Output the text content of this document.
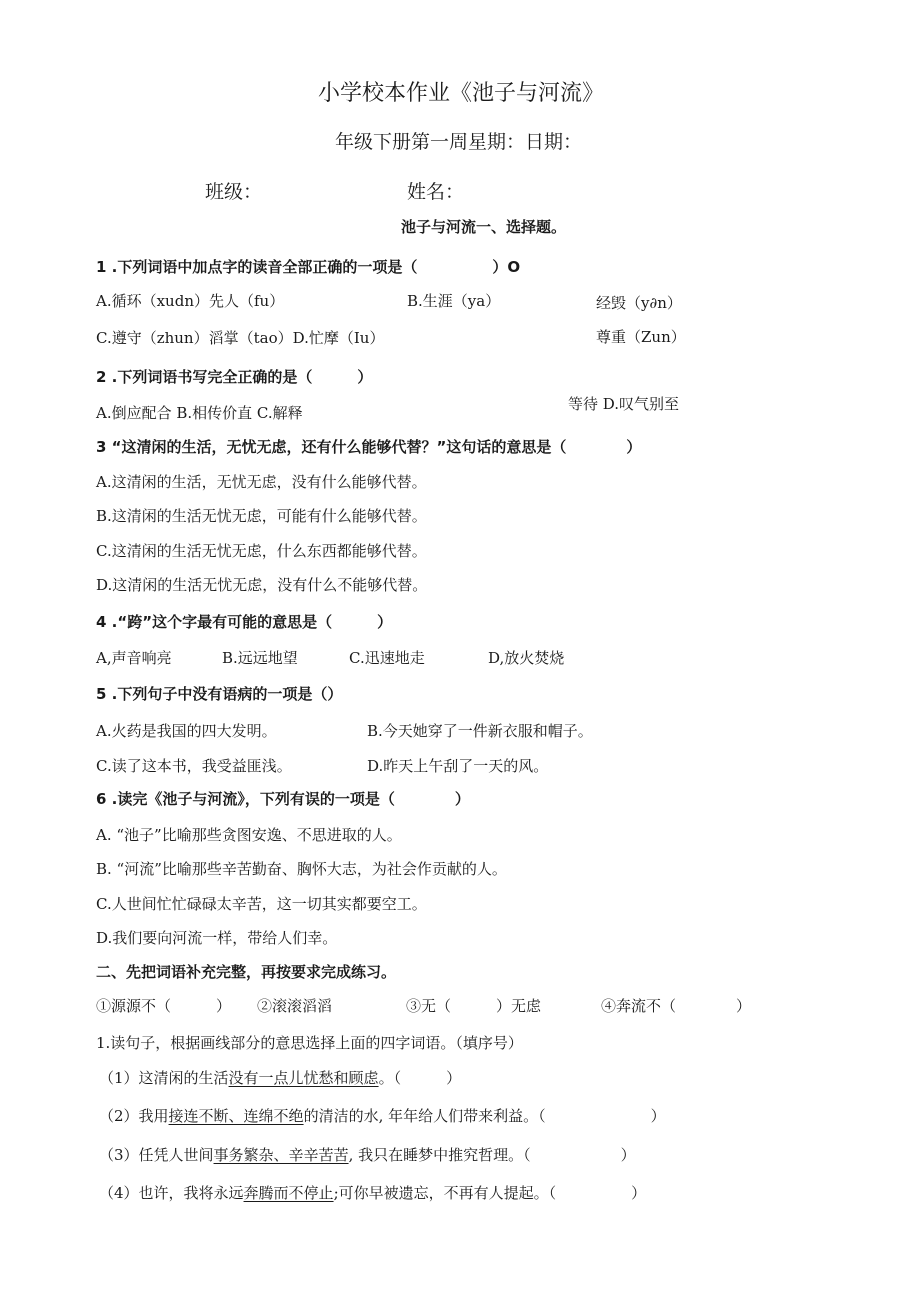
小学校本作业《池子与河流》
年级下册第一周星期：日期：
班级：	姓名：
池子与河流一、选择题。
1 .下列词语中加点字的读音全部正确的一项是（　　　　　）O
A.循环（xudn）先人（fu）	B.生涯（ya）	经毁（y∂n）
C.遵守（zhun）滔掌（tao）D.忙摩（Iu）	尊重（Zun）
2 .下列词语书写完全正确的是（　　　）
A.倒应配合 B.相传价直 C.解释	等待 D.叹气别至
3 “这清闲的生活，无忧无虑，还有什么能够代替？”这句话的意思是（　　　　）
A.这清闲的生活，无忧无虑，没有什么能够代替。
B.这清闲的生活无忧无虑，可能有什么能够代替。
C.这清闲的生活无忧无虑，什么东西都能够代替。
D.这清闲的生活无忧无虑，没有什么不能够代替。
4 .“跨”这个字最有可能的意思是（　　　）
A,声音响亮	B.远远地望	C.迅速地走	D,放火焚烧
5 .下列句子中没有语病的一项是（）
A.火药是我国的四大发明。	B.今天她穿了一件新衣服和帽子。
C.读了这本书，我受益匪浅。	D.昨天上午刮了一天的风。
6 .读完《池子与河流》，下列有误的一项是（　　　　）
A. “池子”比喻那些贪图安逸、不思进取的人。
B. “河流”比喻那些辛苦勤奋、胸怀大志，为社会作贡献的人。
C.人世间忙忙碌碌太辛苦，这一切其实都要空工。
D.我们要向河流一样，带给人们幸。
二、先把词语补充完整，再按要求完成练习。
①源源不（　　　） ②滚滚滔滔	③无（　　　）无虑	④奔流不（　　　　）
1.读句子，根据画线部分的意思选择上面的四字词语。（填序号）
（1）这清闲的生活没有一点儿忧愁和顾虑。（　　　）
（2）我用接连不断、连绵不绝的清洁的水, 年年给人们带来利益。（　　　　　　　）
（3）任凭人世间事务繁杂、辛辛苦苦, 我只在睡梦中推究哲理。（　　　　　　）
（4）也许，我将永远奔腾而不停止;可你早被遗忘，不再有人提起。（　　　　　）
